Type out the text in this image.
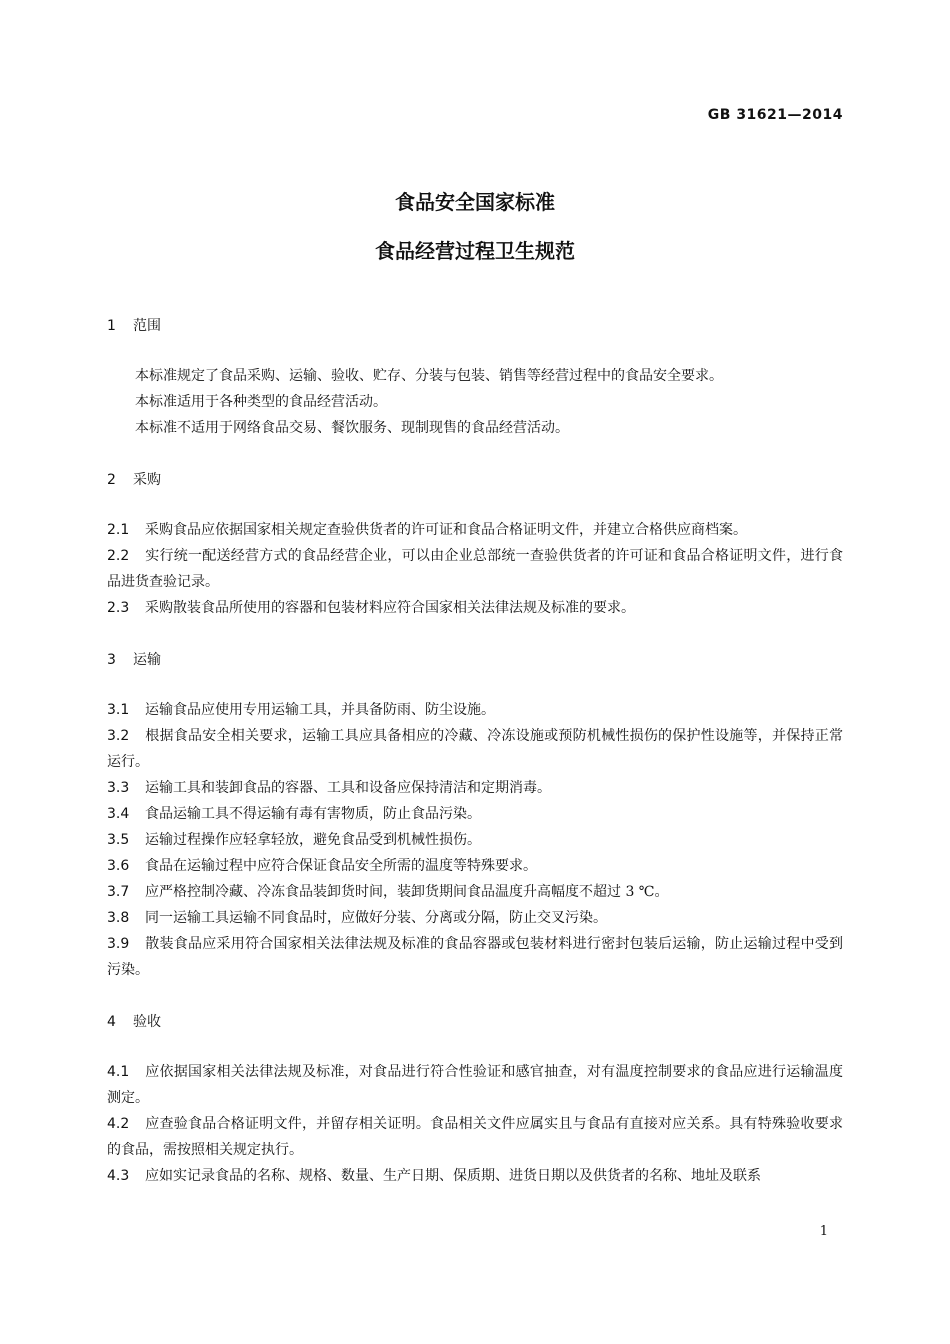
GB 31621—2014
食品安全国家标准
食品经营过程卫生规范
1 范围

本标准规定了食品采购、运输、验收、贮存、分装与包装、销售等经营过程中的食品安全要求。

本标准适用于各种类型的食品经营活动。

本标准不适用于网络食品交易、餐饮服务、现制现售的食品经营活动。

2 采购

2.1 采购食品应依据国家相关规定查验供货者的许可证和食品合格证明文件，并建立合格供应商档案。

2.2 实行统一配送经营方式的食品经营企业，可以由企业总部统一查验供货者的许可证和食品合格证明文件，进行食品进货查验记录。

2.3 采购散装食品所使用的容器和包装材料应符合国家相关法律法规及标准的要求。

3 运输

3.1 运输食品应使用专用运输工具，并具备防雨、防尘设施。

3.2 根据食品安全相关要求，运输工具应具备相应的冷藏、冷冻设施或预防机械性损伤的保护性设施等，并保持正常运行。

3.3 运输工具和装卸食品的容器、工具和设备应保持清洁和定期消毒。

3.4 食品运输工具不得运输有毒有害物质，防止食品污染。

3.5 运输过程操作应轻拿轻放，避免食品受到机械性损伤。

3.6 食品在运输过程中应符合保证食品安全所需的温度等特殊要求。

3.7 应严格控制冷藏、冷冻食品装卸货时间，装卸货期间食品温度升高幅度不超过 3 ℃。

3.8 同一运输工具运输不同食品时，应做好分装、分离或分隔，防止交叉污染。

3.9 散装食品应采用符合国家相关法律法规及标准的食品容器或包装材料进行密封包装后运输，防止运输过程中受到污染。

4 验收

4.1 应依据国家相关法律法规及标准，对食品进行符合性验证和感官抽查，对有温度控制要求的食品应进行运输温度测定。

4.2 应查验食品合格证明文件，并留存相关证明。食品相关文件应属实且与食品有直接对应关系。具有特殊验收要求的食品，需按照相关规定执行。

4.3 应如实记录食品的名称、规格、数量、生产日期、保质期、进货日期以及供货者的名称、地址及联系

1
